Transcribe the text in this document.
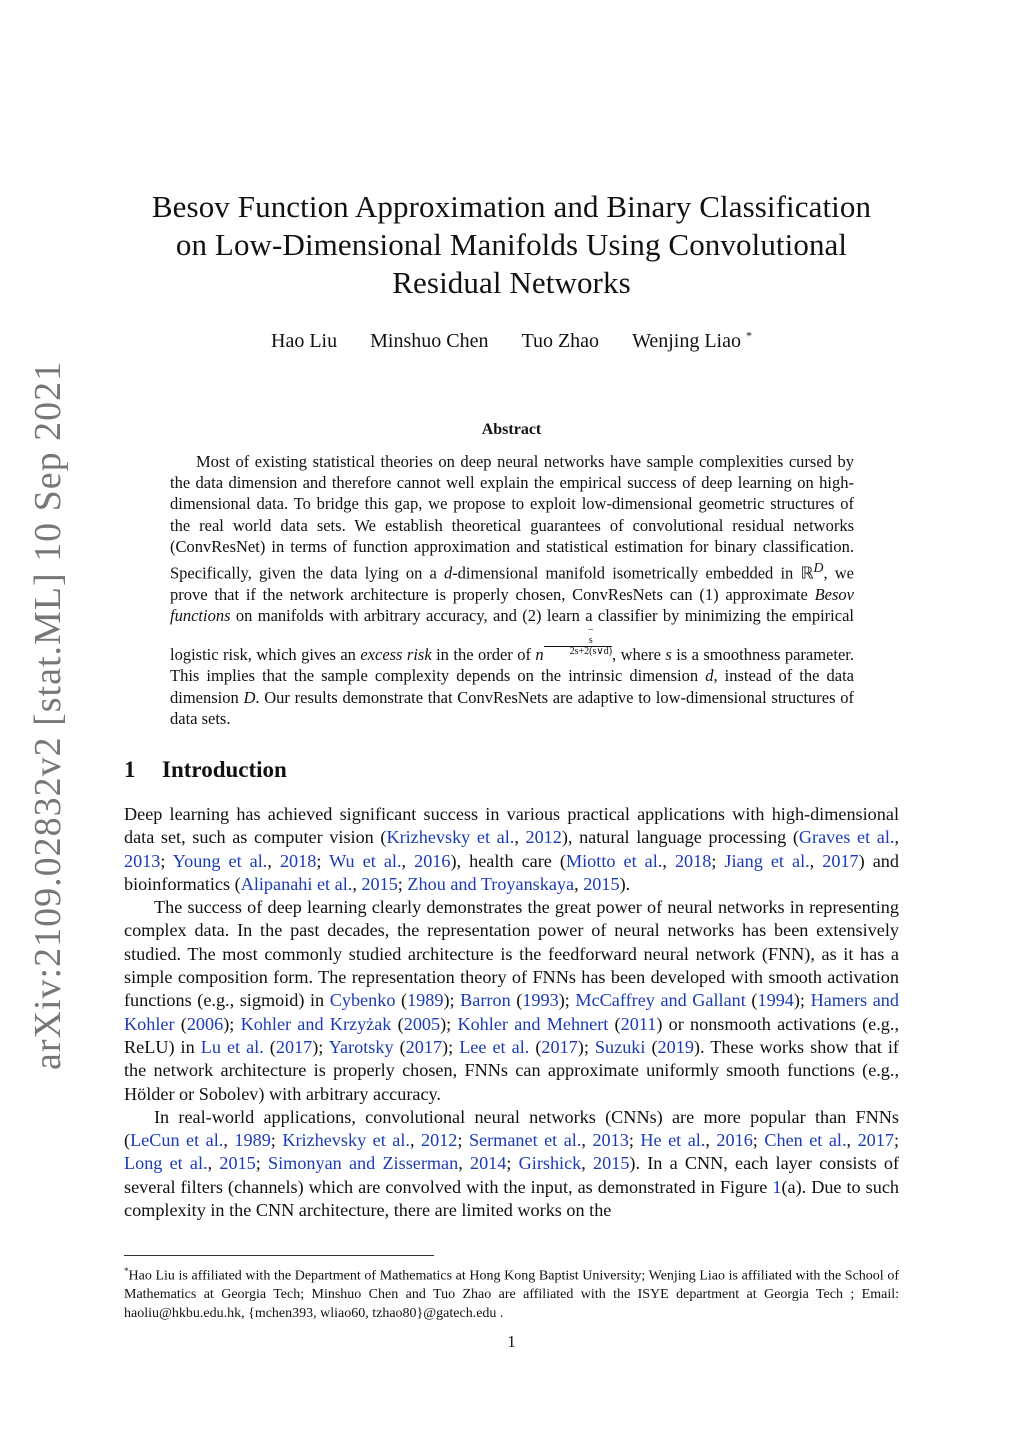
arXiv:2109.02832v2 [stat.ML] 10 Sep 2021
Besov Function Approximation and Binary Classification
on Low-Dimensional Manifolds Using Convolutional
Residual Networks
Hao Liu Minshuo Chen Tuo Zhao Wenjing Liao *
Abstract

Most of existing statistical theories on deep neural networks have sample complexities cursed by the data dimension and therefore cannot well explain the empirical success of deep learning on high-dimensional data. To bridge this gap, we propose to exploit low-dimensional geometric structures of the real world data sets. We establish theoretical guarantees of convolutional residual networks (ConvResNet) in terms of function approximation and statistical estimation for binary classification. Specifically, given the data lying on a d-dimensional manifold isometrically embedded in ℝ$^D$, we prove that if the network architecture is properly chosen, ConvResNets can (1) approximate Besov functions on manifolds with arbitrary accuracy, and (2) learn a classifier by minimizing the empirical logistic risk, which gives an excess risk in the order of n−
s
2s+2(s∨d) , where s is a smoothness parameter. This implies that the sample complexity depends on the intrinsic dimension d, instead of the data dimension D. Our results demonstrate that ConvResNets are adaptive to low-dimensional structures of data sets.

1 Introduction

Deep learning has achieved significant success in various practical applications with high-dimensional data set, such as computer vision (Krizhevsky et al., 2012), natural language processing (Graves et al., 2013; Young et al., 2018; Wu et al., 2016), health care (Miotto et al., 2018; Jiang et al., 2017) and bioinformatics (Alipanahi et al., 2015; Zhou and Troyanskaya, 2015).

The success of deep learning clearly demonstrates the great power of neural networks in representing complex data. In the past decades, the representation power of neural networks has been extensively studied. The most commonly studied architecture is the feedforward neural network (FNN), as it has a simple composition form. The representation theory of FNNs has been developed with smooth activation functions (e.g., sigmoid) in Cybenko (1989); Barron (1993); McCaffrey and Gallant (1994); Hamers and Kohler (2006); Kohler and Krzyżak (2005); Kohler and Mehnert (2011) or nonsmooth activations (e.g., ReLU) in Lu et al. (2017); Yarotsky (2017); Lee et al. (2017); Suzuki (2019). These works show that if the network architecture is properly chosen, FNNs can approximate uniformly smooth functions (e.g., Hölder or Sobolev) with arbitrary accuracy.

In real-world applications, convolutional neural networks (CNNs) are more popular than FNNs (LeCun et al., 1989; Krizhevsky et al., 2012; Sermanet et al., 2013; He et al., 2016; Chen et al., 2017; Long et al., 2015; Simonyan and Zisserman, 2014; Girshick, 2015). In a CNN, each layer consists of several filters (channels) which are convolved with the input, as demonstrated in Figure 1(a). Due to such complexity in the CNN architecture, there are limited works on the

*Hao Liu is affiliated with the Department of Mathematics at Hong Kong Baptist University; Wenjing Liao is affiliated with the School of Mathematics at Georgia Tech; Minshuo Chen and Tuo Zhao are affiliated with the ISYE department at Georgia Tech ; Email: haoliu@hkbu.edu.hk, {mchen393, wliao60, tzhao80}@gatech.edu .
1
